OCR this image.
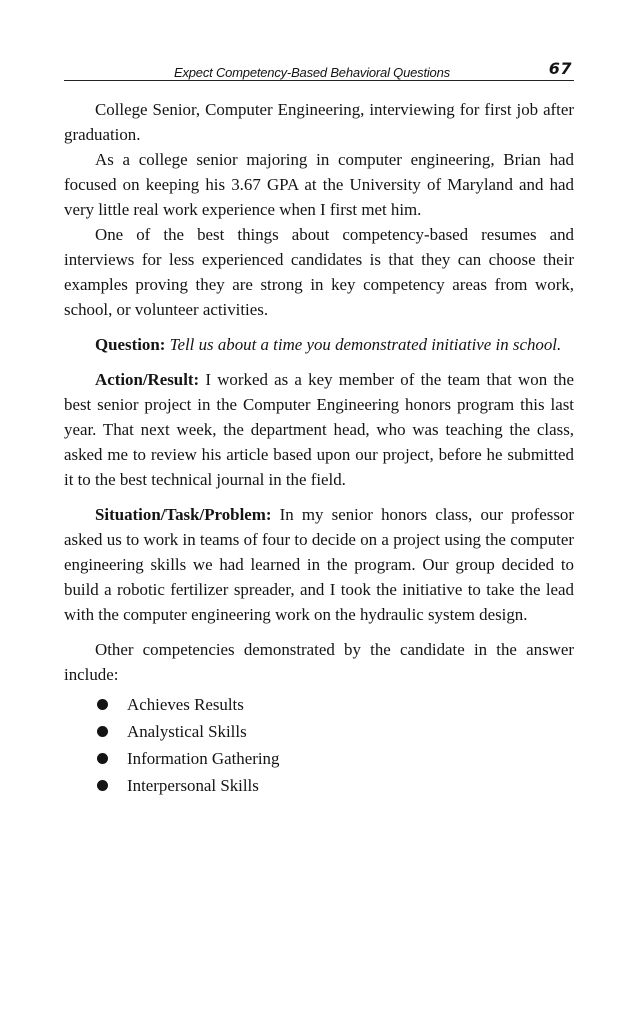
Expect Competency-Based Behavioral Questions	67

College Senior, Computer Engineering, interviewing for first job after graduation.

As a college senior majoring in computer engineering, Brian had focused on keeping his 3.67 GPA at the University of Maryland and had very little real work experience when I first met him.

One of the best things about competency-based resumes and interviews for less experienced candidates is that they can choose their examples proving they are strong in key competency areas from work, school, or volunteer activities.

Question: Tell us about a time you demonstrated initiative in school.

Action/Result: I worked as a key member of the team that won the best senior project in the Computer Engineering honors program this last year. That next week, the department head, who was teaching the class, asked me to review his article based upon our project, before he submitted it to the best technical journal in the field.

Situation/Task/Problem: In my senior honors class, our professor asked us to work in teams of four to decide on a project using the computer engineering skills we had learned in the program. Our group decided to build a robotic fertilizer spreader, and I took the initiative to take the lead with the computer engineering work on the hydraulic system design.

Other competencies demonstrated by the candidate in the answer include:

Achieves Results
Analystical Skills
Information Gathering
Interpersonal Skills
